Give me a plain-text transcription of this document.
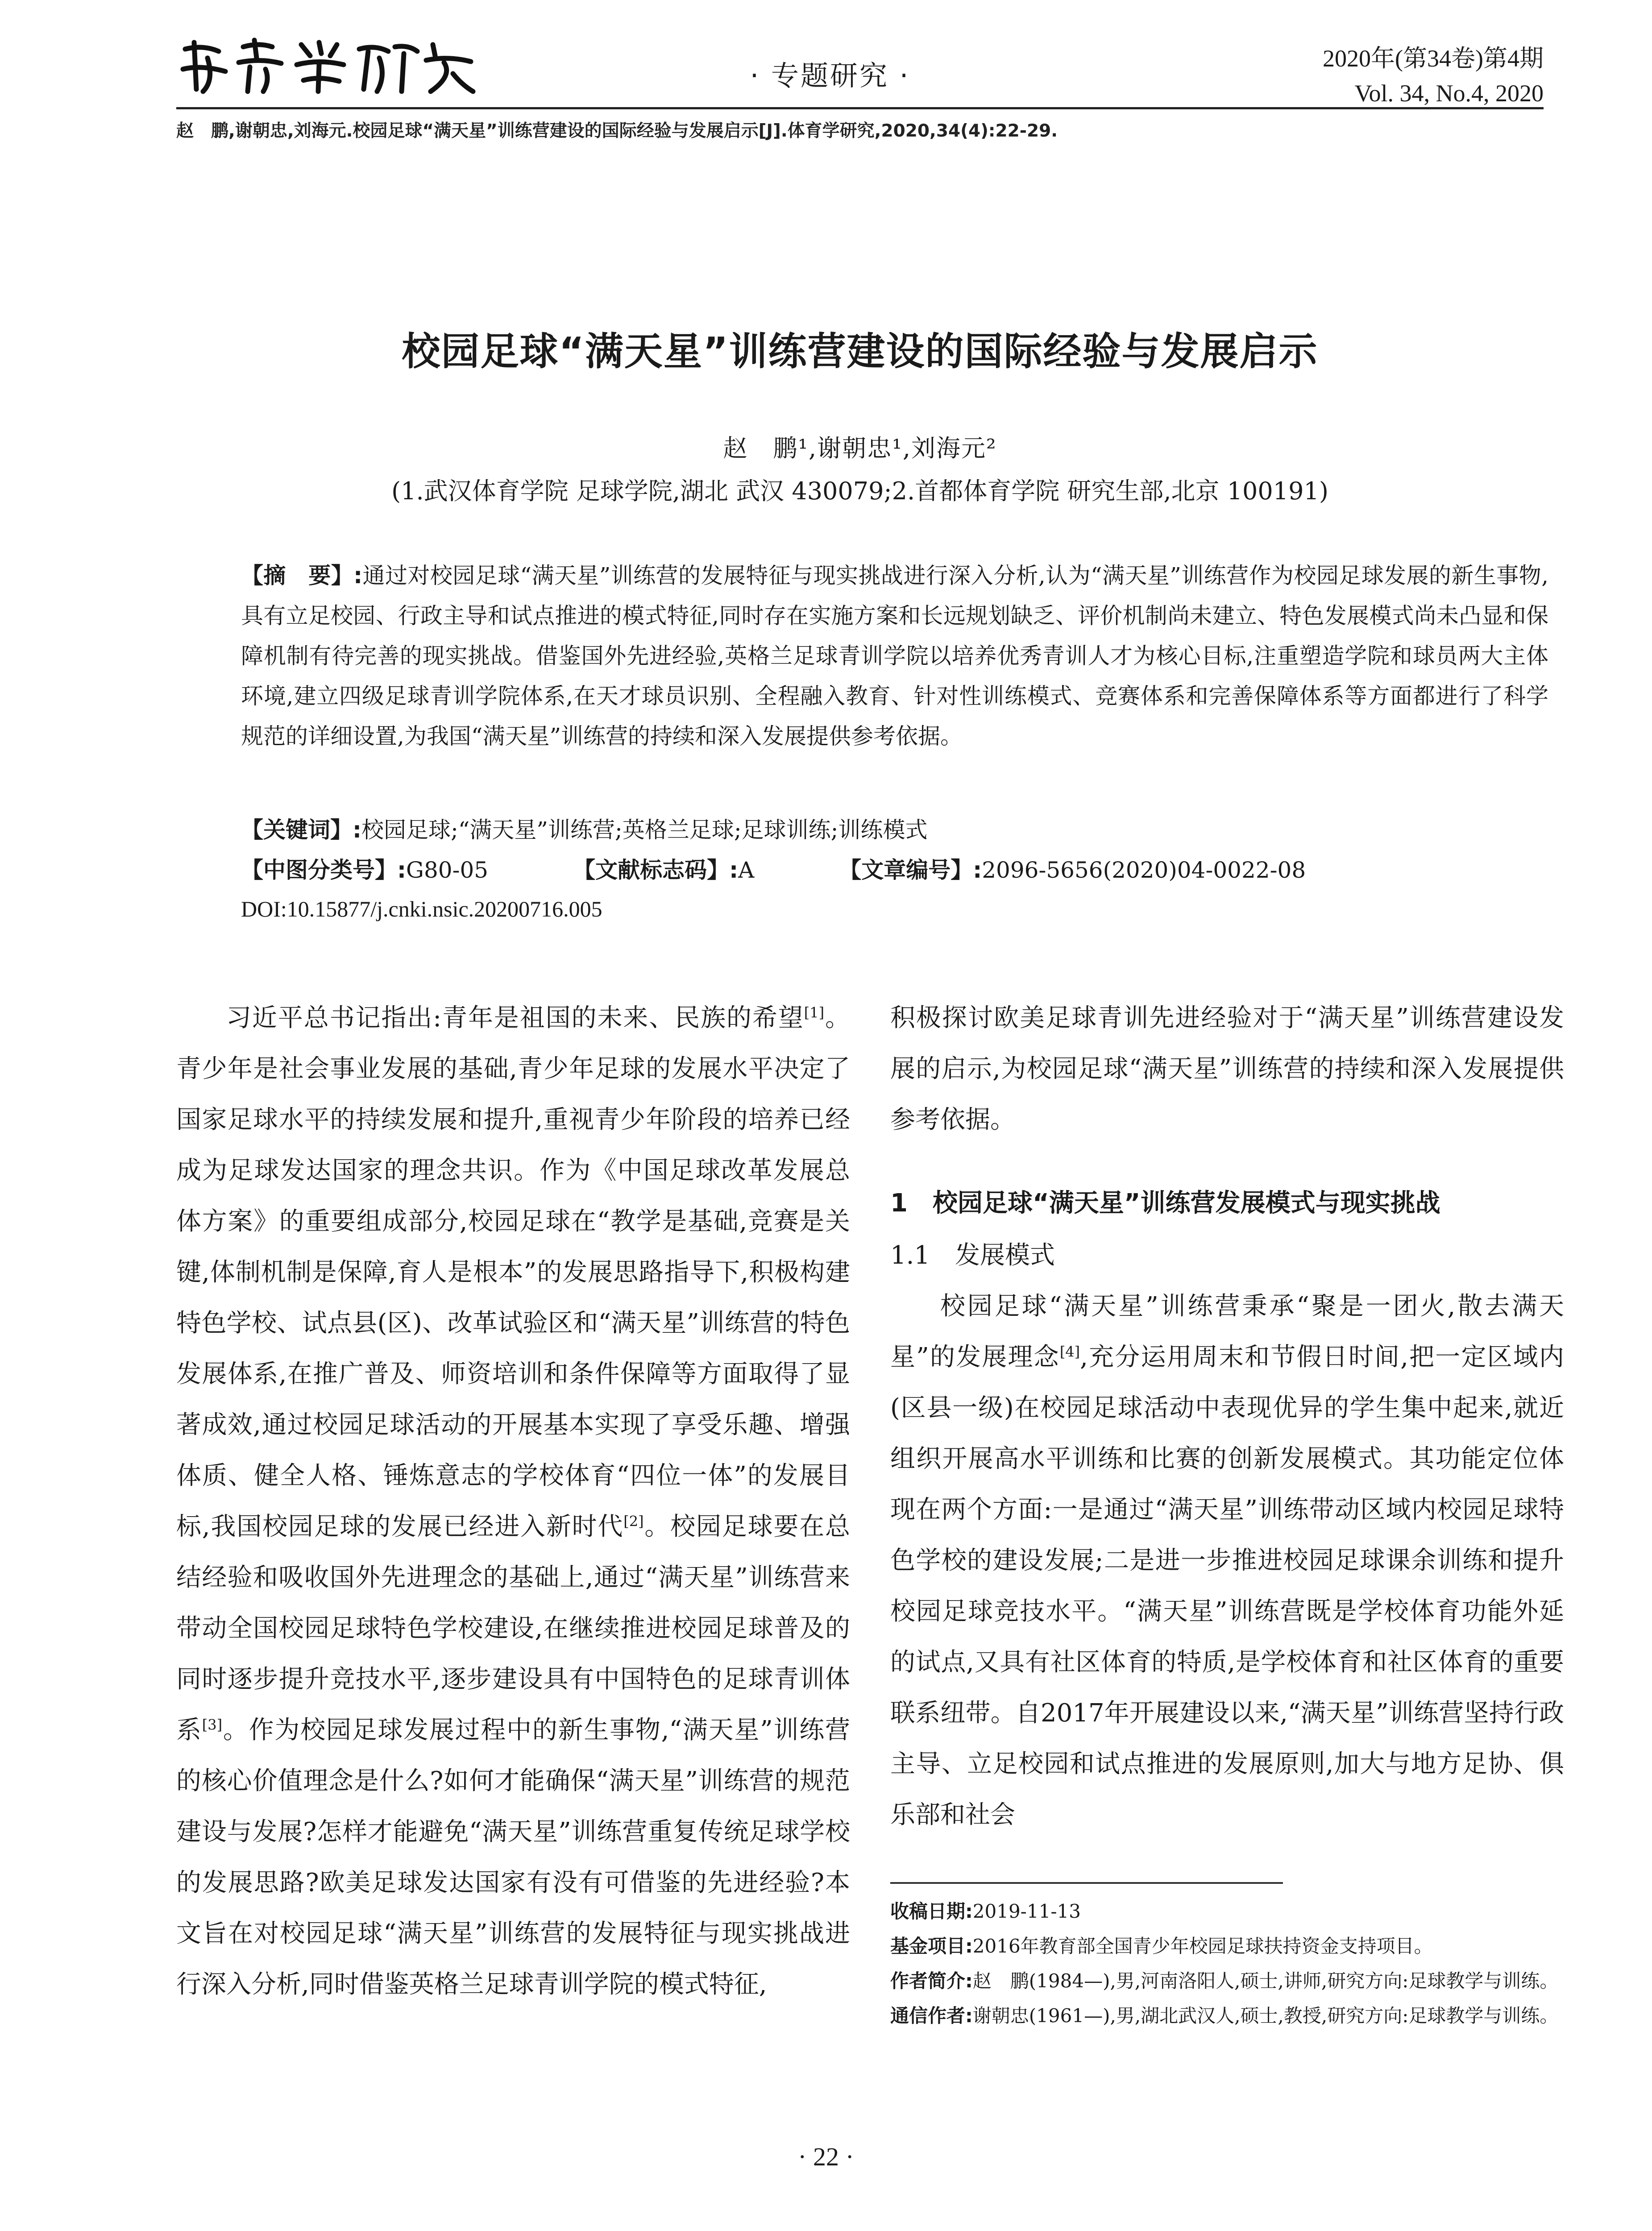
· 专题研究 ·
2020年(第34卷)第4期
Vol. 34, No.4, 2020
赵　鹏,谢朝忠,刘海元.校园足球“满天星”训练营建设的国际经验与发展启示[J].体育学研究,2020,34(4):22-29.
校园足球“满天星”训练营建设的国际经验与发展启示
赵　鹏¹,谢朝忠¹,刘海元²
(1.武汉体育学院 足球学院,湖北 武汉 430079;2.首都体育学院 研究生部,北京 100191)
【摘　要】:通过对校园足球“满天星”训练营的发展特征与现实挑战进行深入分析,认为“满天星”训练营作为校园足球发展的新生事物,具有立足校园、行政主导和试点推进的模式特征,同时存在实施方案和长远规划缺乏、评价机制尚未建立、特色发展模式尚未凸显和保障机制有待完善的现实挑战。借鉴国外先进经验,英格兰足球青训学院以培养优秀青训人才为核心目标,注重塑造学院和球员两大主体环境,建立四级足球青训学院体系,在天才球员识别、全程融入教育、针对性训练模式、竞赛体系和完善保障体系等方面都进行了科学规范的详细设置,为我国“满天星”训练营的持续和深入发展提供参考依据。
【关键词】:校园足球;“满天星”训练营;英格兰足球;足球训练;训练模式
【中图分类号】:G80-05	【文献标志码】:A	【文章编号】:2096-5656(2020)04-0022-08
DOI:10.15877/j.cnki.nsic.20200716.005

习近平总书记指出:青年是祖国的未来、民族的希望[1]。青少年是社会事业发展的基础,青少年足球的发展水平决定了国家足球水平的持续发展和提升,重视青少年阶段的培养已经成为足球发达国家的理念共识。作为《中国足球改革发展总体方案》的重要组成部分,校园足球在“教学是基础,竞赛是关键,体制机制是保障,育人是根本”的发展思路指导下,积极构建特色学校、试点县(区)、改革试验区和“满天星”训练营的特色发展体系,在推广普及、师资培训和条件保障等方面取得了显著成效,通过校园足球活动的开展基本实现了享受乐趣、增强体质、健全人格、锤炼意志的学校体育“四位一体”的发展目标,我国校园足球的发展已经进入新时代[2]。校园足球要在总结经验和吸收国外先进理念的基础上,通过“满天星”训练营来带动全国校园足球特色学校建设,在继续推进校园足球普及的同时逐步提升竞技水平,逐步建设具有中国特色的足球青训体系[3]。作为校园足球发展过程中的新生事物,“满天星”训练营的核心价值理念是什么?如何才能确保“满天星”训练营的规范建设与发展?怎样才能避免“满天星”训练营重复传统足球学校的发展思路?欧美足球发达国家有没有可借鉴的先进经验?本文旨在对校园足球“满天星”训练营的发展特征与现实挑战进行深入分析,同时借鉴英格兰足球青训学院的模式特征,

积极探讨欧美足球青训先进经验对于“满天星”训练营建设发展的启示,为校园足球“满天星”训练营的持续和深入发展提供参考依据。

1　校园足球“满天星”训练营发展模式与现实挑战
1.1　发展模式

校园足球“满天星”训练营秉承“聚是一团火,散去满天星”的发展理念[4],充分运用周末和节假日时间,把一定区域内(区县一级)在校园足球活动中表现优异的学生集中起来,就近组织开展高水平训练和比赛的创新发展模式。其功能定位体现在两个方面:一是通过“满天星”训练带动区域内校园足球特色学校的建设发展;二是进一步推进校园足球课余训练和提升校园足球竞技水平。“满天星”训练营既是学校体育功能外延的试点,又具有社区体育的特质,是学校体育和社区体育的重要联系纽带。自2017年开展建设以来,“满天星”训练营坚持行政主导、立足校园和试点推进的发展原则,加大与地方足协、俱乐部和社会

收稿日期:2019-11-13
基金项目:2016年教育部全国青少年校园足球扶持资金支持项目。
作者简介:赵　鹏(1984—),男,河南洛阳人,硕士,讲师,研究方向:足球教学与训练。
通信作者:谢朝忠(1961—),男,湖北武汉人,硕士,教授,研究方向:足球教学与训练。
· 22 ·
